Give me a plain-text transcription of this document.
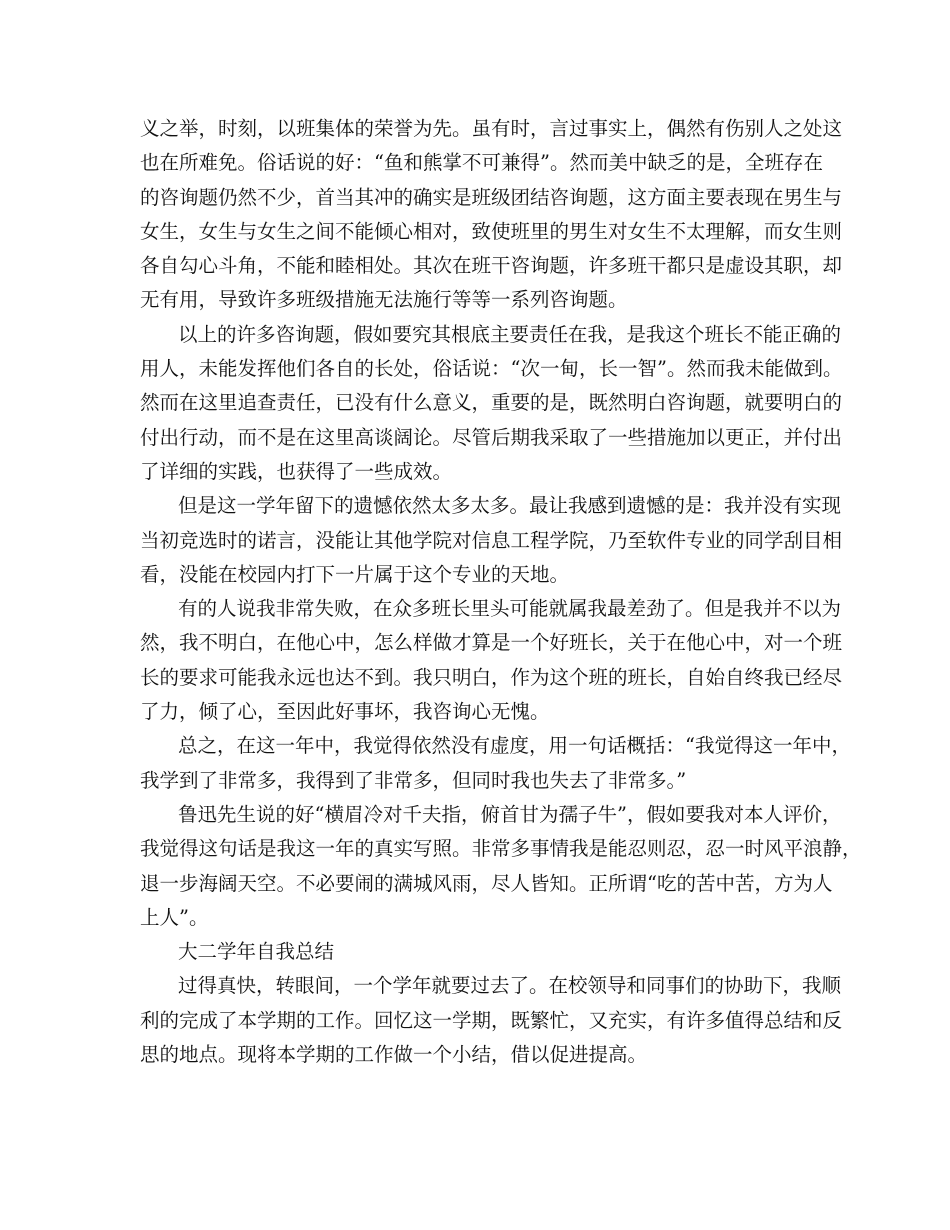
义之举，时刻，以班集体的荣誉为先。虽有时，言过事实上，偶然有伤别人之处这
也在所难免。俗话说的好：“鱼和熊掌不可兼得”。然而美中缺乏的是，全班存在
的咨询题仍然不少，首当其冲的确实是班级团结咨询题，这方面主要表现在男生与
女生，女生与女生之间不能倾心相对，致使班里的男生对女生不太理解，而女生则
各自勾心斗角，不能和睦相处。其次在班干咨询题，许多班干都只是虚设其职，却
无有用，导致许多班级措施无法施行等等一系列咨询题。
以上的许多咨询题，假如要究其根底主要责任在我，是我这个班长不能正确的
用人，未能发挥他们各自的长处，俗话说：“次一甸，长一智”。然而我未能做到。
然而在这里追查责任，已没有什么意义，重要的是，既然明白咨询题，就要明白的
付出行动，而不是在这里高谈阔论。尽管后期我采取了一些措施加以更正，并付出
了详细的实践，也获得了一些成效。
但是这一学年留下的遗憾依然太多太多。最让我感到遗憾的是：我并没有实现
当初竞选时的诺言，没能让其他学院对信息工程学院，乃至软件专业的同学刮目相
看，没能在校园内打下一片属于这个专业的天地。
有的人说我非常失败，在众多班长里头可能就属我最差劲了。但是我并不以为
然，我不明白，在他心中，怎么样做才算是一个好班长，关于在他心中，对一个班
长的要求可能我永远也达不到。我只明白，作为这个班的班长，自始自终我已经尽
了力，倾了心，至因此好事坏，我咨询心无愧。
总之，在这一年中，我觉得依然没有虚度，用一句话概括：“我觉得这一年中，
我学到了非常多，我得到了非常多，但同时我也失去了非常多。”
鲁迅先生说的好“横眉冷对千夫指，俯首甘为孺子牛”，假如要我对本人评价，
我觉得这句话是我这一年的真实写照。非常多事情我是能忍则忍，忍一时风平浪静，
退一步海阔天空。不必要闹的满城风雨，尽人皆知。正所谓“吃的苦中苦，方为人
上人”。
大二学年自我总结
过得真快，转眼间，一个学年就要过去了。在校领导和同事们的协助下，我顺
利的完成了本学期的工作。回忆这一学期，既繁忙，又充实，有许多值得总结和反
思的地点。现将本学期的工作做一个小结，借以促进提高。
